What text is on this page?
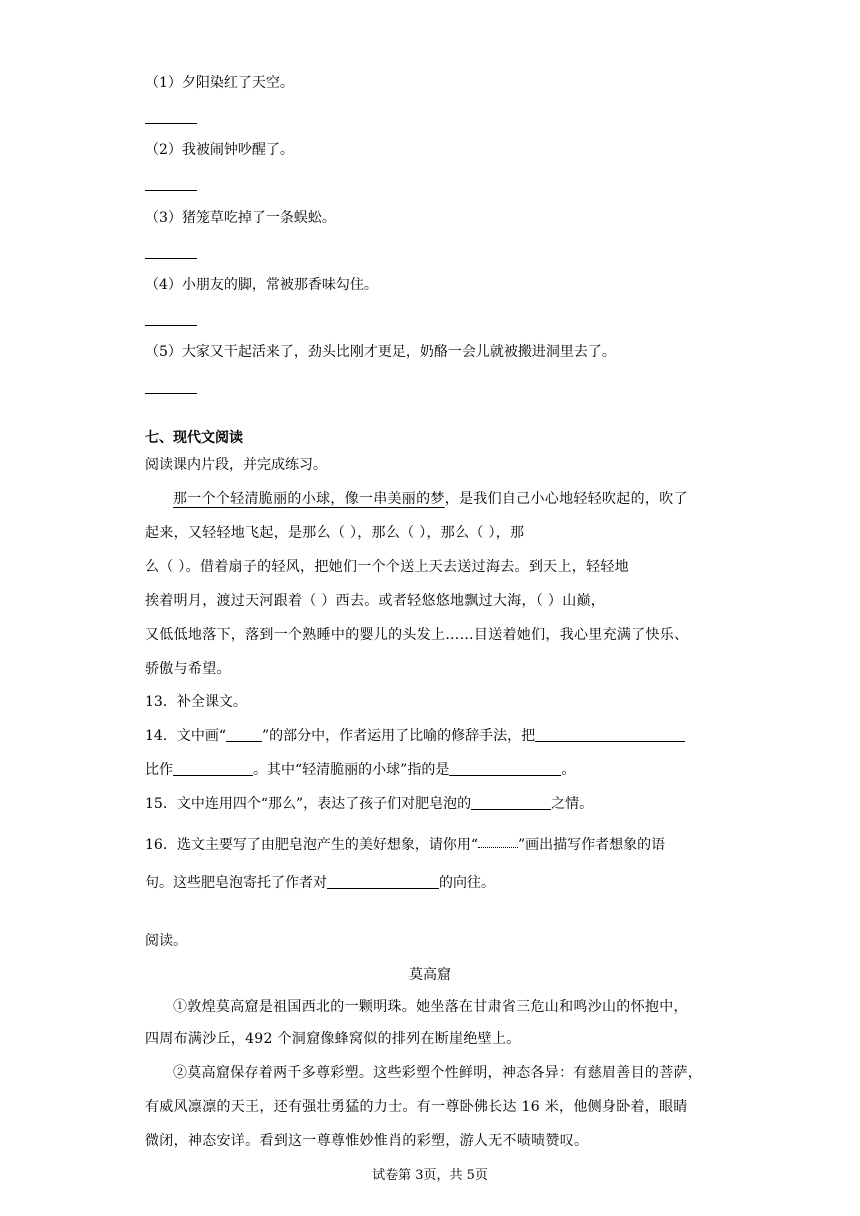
（1）夕阳染红了天空。
（2）我被闹钟吵醒了。
（3）猪笼草吃掉了一条蜈蚣。
（4）小朋友的脚，常被那香味勾住。
（5）大家又干起活来了，劲头比刚才更足，奶酪一会儿就被搬进洞里去了。
七、现代文阅读
阅读课内片段，并完成练习。
那一个个轻清脆丽的小球，像一串美丽的梦，是我们自己小心地轻轻吹起的，吹了
起来，又轻轻地飞起，是那么（ ），那么（ ），那么（ ），那
么（ ）。借着扇子的轻风，把她们一个个送上天去送过海去。到天上，轻轻地
挨着明月，渡过天河跟着（ ）西去。或者轻悠悠地飘过大海，（ ）山巅，
又低低地落下，落到一个熟睡中的婴儿的头发上……目送着她们，我心里充满了快乐、
骄傲与希望。
13．补全课文。
14．文中画“	”的部分中，作者运用了比喻的修辞手法，把
比作	。其中“轻清脆丽的小球”指的是	。
15．文中连用四个“那么”，表达了孩子们对肥皂泡的	之情。
16．选文主要写了由肥皂泡产生的美好想象，请你用“	”画出描写作者想象的语
句。这些肥皂泡寄托了作者对	的向往。
阅读。
莫高窟
①敦煌莫高窟是祖国西北的一颗明珠。她坐落在甘肃省三危山和鸣沙山的怀抱中，
四周布满沙丘，492 个洞窟像蜂窝似的排列在断崖绝壁上。
②莫高窟保存着两千多尊彩塑。这些彩塑个性鲜明，神态各异：有慈眉善目的菩萨，
有威风凛凛的天王，还有强壮勇猛的力士。有一尊卧佛长达 16 米，他侧身卧着，眼睛
微闭，神态安详。看到这一尊尊惟妙惟肖的彩塑，游人无不啧啧赞叹。
试卷第 3页，共 5页
